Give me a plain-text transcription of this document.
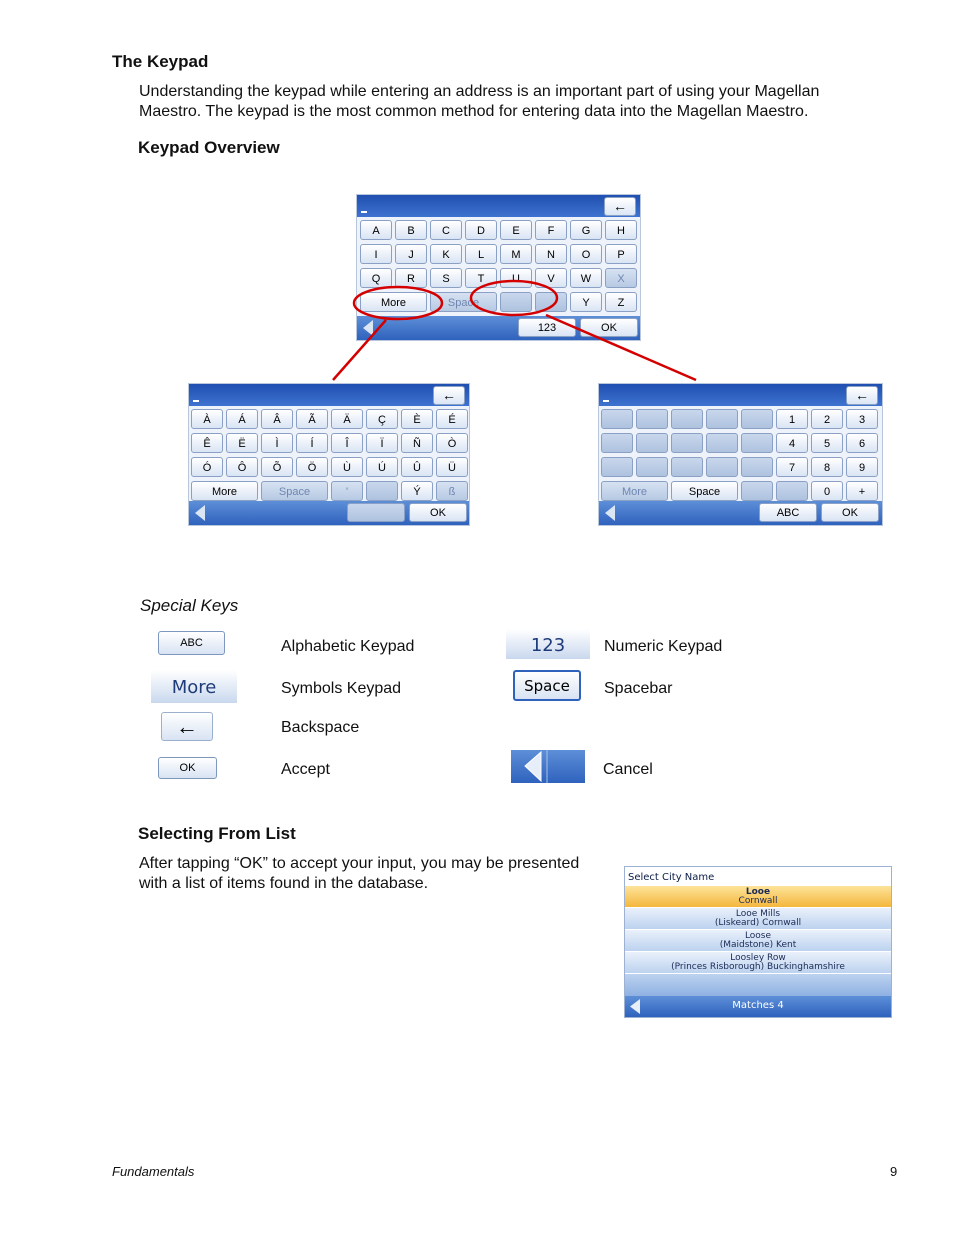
The Keypad
Understanding the keypad while entering an address is an important part of using your Magellan
Maestro. The keypad is the most common method for entering data into the Magellan Maestro.
Keypad Overview
←
A	B	C	D	E	F	G	H
I	J	K	L	M	N	O	P
Q	R	S	T	U	V	W	X
More	Space	Y	Z
123	OK
←
À	Á	Â	Ã	Ä	Ç	È	É
Ê	Ë	Ì	Í	Î	Ï	Ñ	Ò
Ó	Ô	Õ	Ö	Ù	Ú	Û	Ü
More	Space	'	Ý	ß
OK
←
1	2	3
4	5	6
7	8	9
More	Space	0	+
ABC	OK
Special Keys
ABC	Alphabetic Keypad	123	Numeric Keypad
More	Symbols Keypad	Space	Spacebar
←	Backspace
OK	Accept	Cancel
Selecting From List
After tapping “OK” to accept your input, you may be presented
with a list of items found in the database.	Select City Name
Looe
Cornwall
Looe Mills
(Liskeard) Cornwall
Loose
(Maidstone) Kent
Loosley Row
(Princes Risborough) Buckinghamshire
Matches 4
Fundamentals	9
